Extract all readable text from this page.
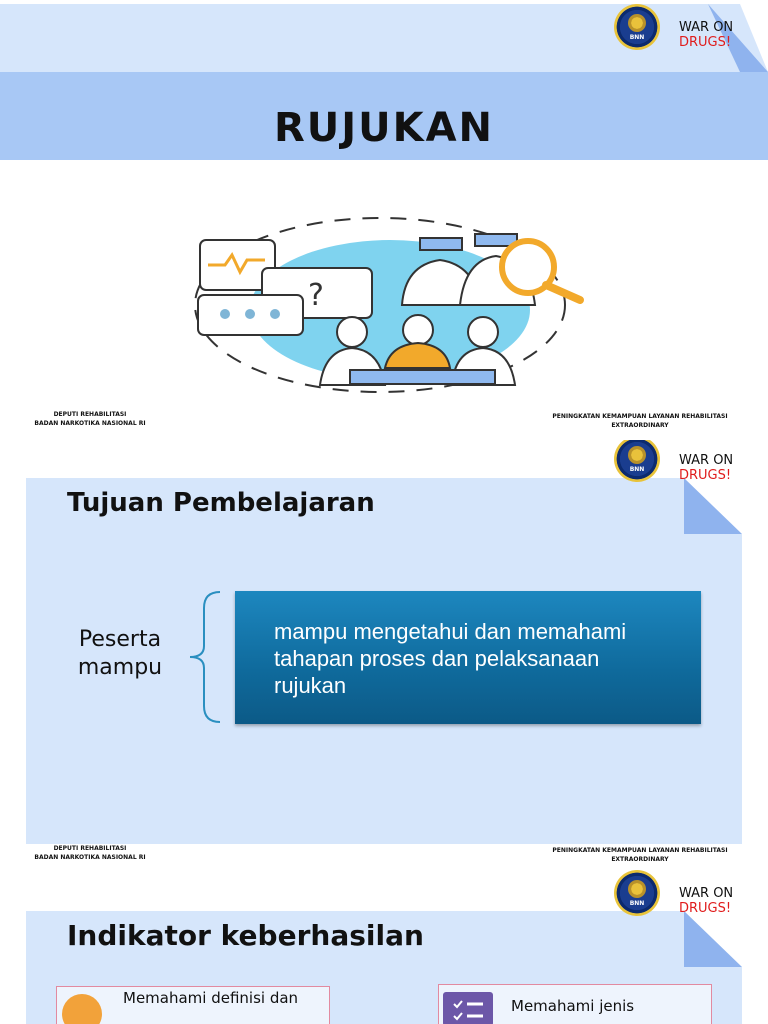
BNN
WAR ON
DRUGS!
RUJUKAN
?
DEPUTI REHABILITASI
BADAN NARKOTIKA NASIONAL RI
PENINGKATAN KEMAMPUAN LAYANAN REHABILITASI
EXTRAORDINARY
BNN
WAR ON
DRUGS!
Tujuan Pembelajaran
Peserta
mampu
mampu mengetahui dan memahami
tahapan proses dan pelaksanaan
rujukan
DEPUTI REHABILITASI
BADAN NARKOTIKA NASIONAL RI
PENINGKATAN KEMAMPUAN LAYANAN REHABILITASI
EXTRAORDINARY
BNN
WAR ON
DRUGS!
Indikator keberhasilan
Memahami definisi dan	Memahami jenis
